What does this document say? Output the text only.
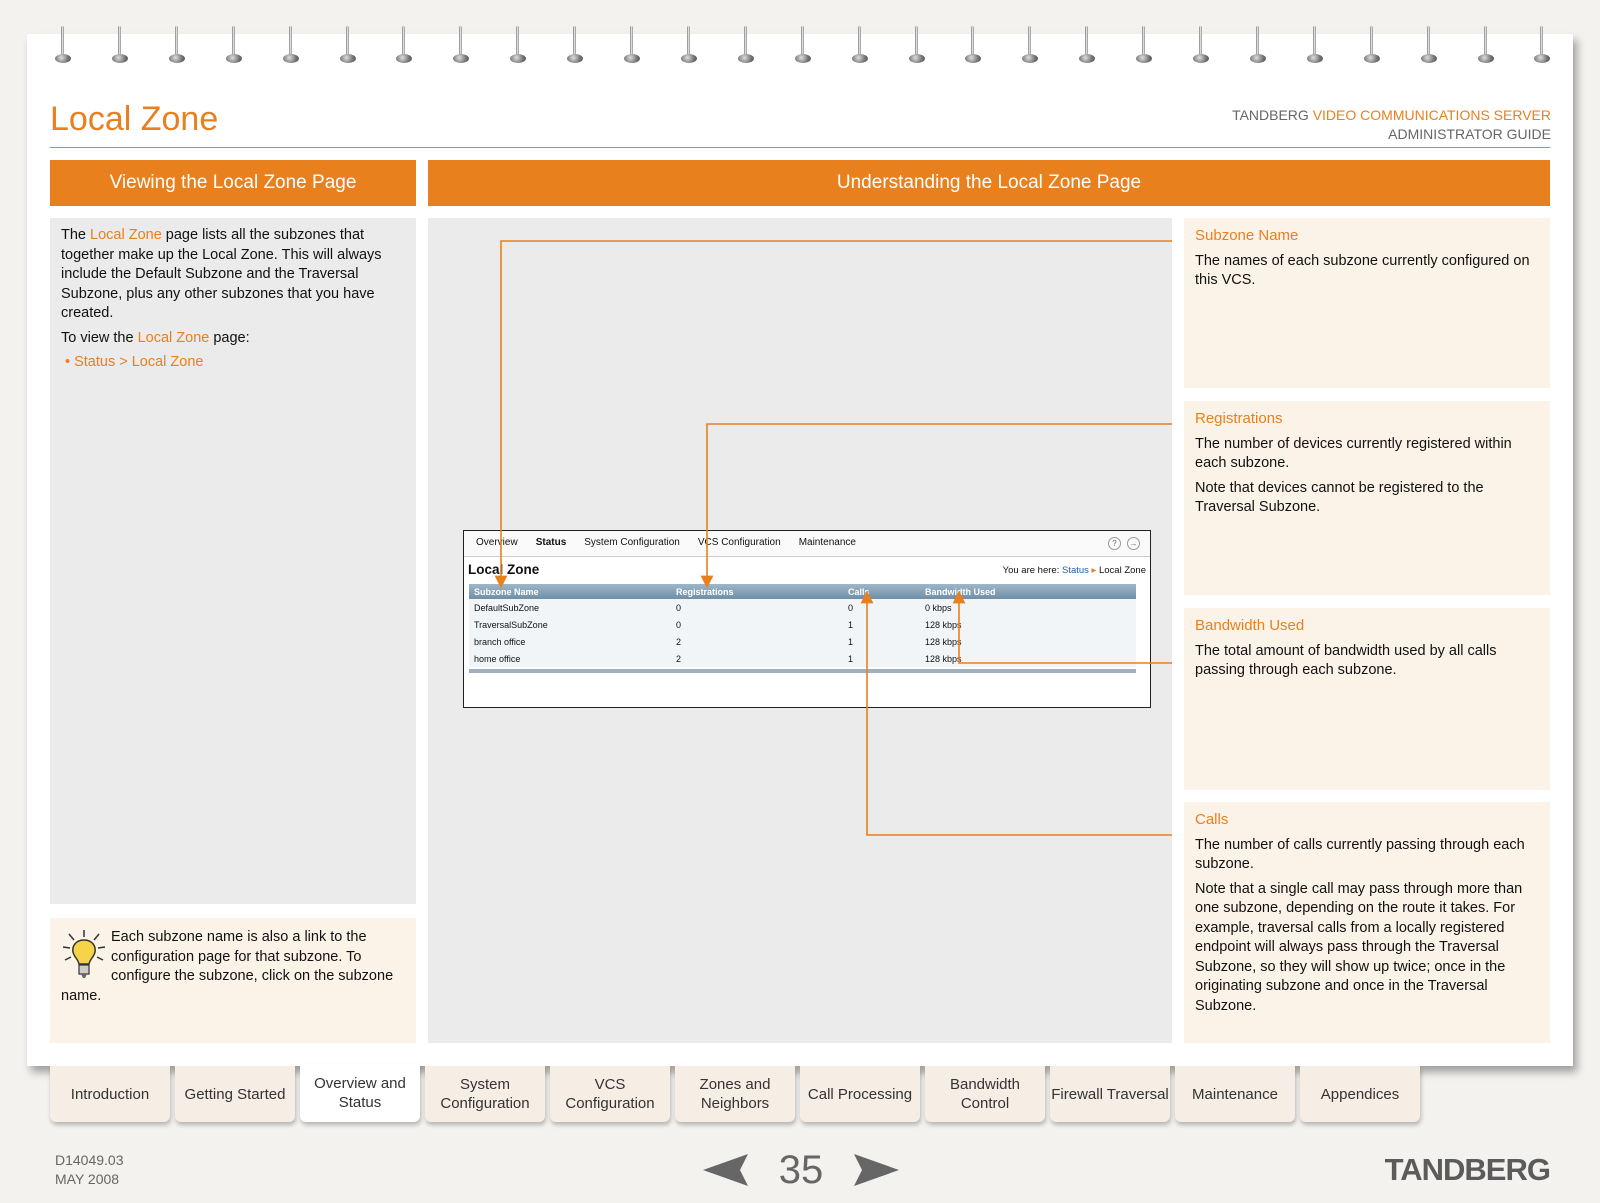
Local Zone	TANDBERG VIDEO COMMUNICATIONS SERVER
ADMINISTRATOR GUIDE
Viewing the Local Zone Page	Understanding the Local Zone Page

The Local Zone page lists all the subzones that together make up the Local Zone. This will always include the Default Subzone and the Traversal Subzone, plus any other subzones that you have created.

To view the Local Zone page:

• Status > Local Zone

Each subzone name is also a link to the configuration page for that subzone. To configure the subzone, click on the subzone name.
Overview Status System Configuration VCS Configuration Maintenance	?	→
Local Zone	You are here: Status ▸ Local Zone
Subzone Name	Registrations	Calls	Bandwidth Used
DefaultSubZone	0	0	0 kbps
TraversalSubZone	0	1	128 kbps
branch office	2	1	128 kbps
home office	2	1	128 kbps
Subzone Name

The names of each subzone currently configured on this VCS.

Registrations

The number of devices currently registered within each subzone.

Note that devices cannot be registered to the Traversal Subzone.

Bandwidth Used

The total amount of bandwidth used by all calls passing through each subzone.

Calls

The number of calls currently passing through each subzone.

Note that a single call may pass through more than one subzone, depending on the route it takes. For example, traversal calls from a locally registered endpoint will always pass through the Traversal Subzone, so they will show up twice; once in the originating subzone and once in the Traversal Subzone.

Introduction	Getting Started
Overview and Status
System Configuration
VCS Configuration
Zones and Neighbors
Call Processing
Bandwidth Control
Firewall Traversal	Maintenance	Appendices
D14049.03
MAY 2008	35	TANDBERG
